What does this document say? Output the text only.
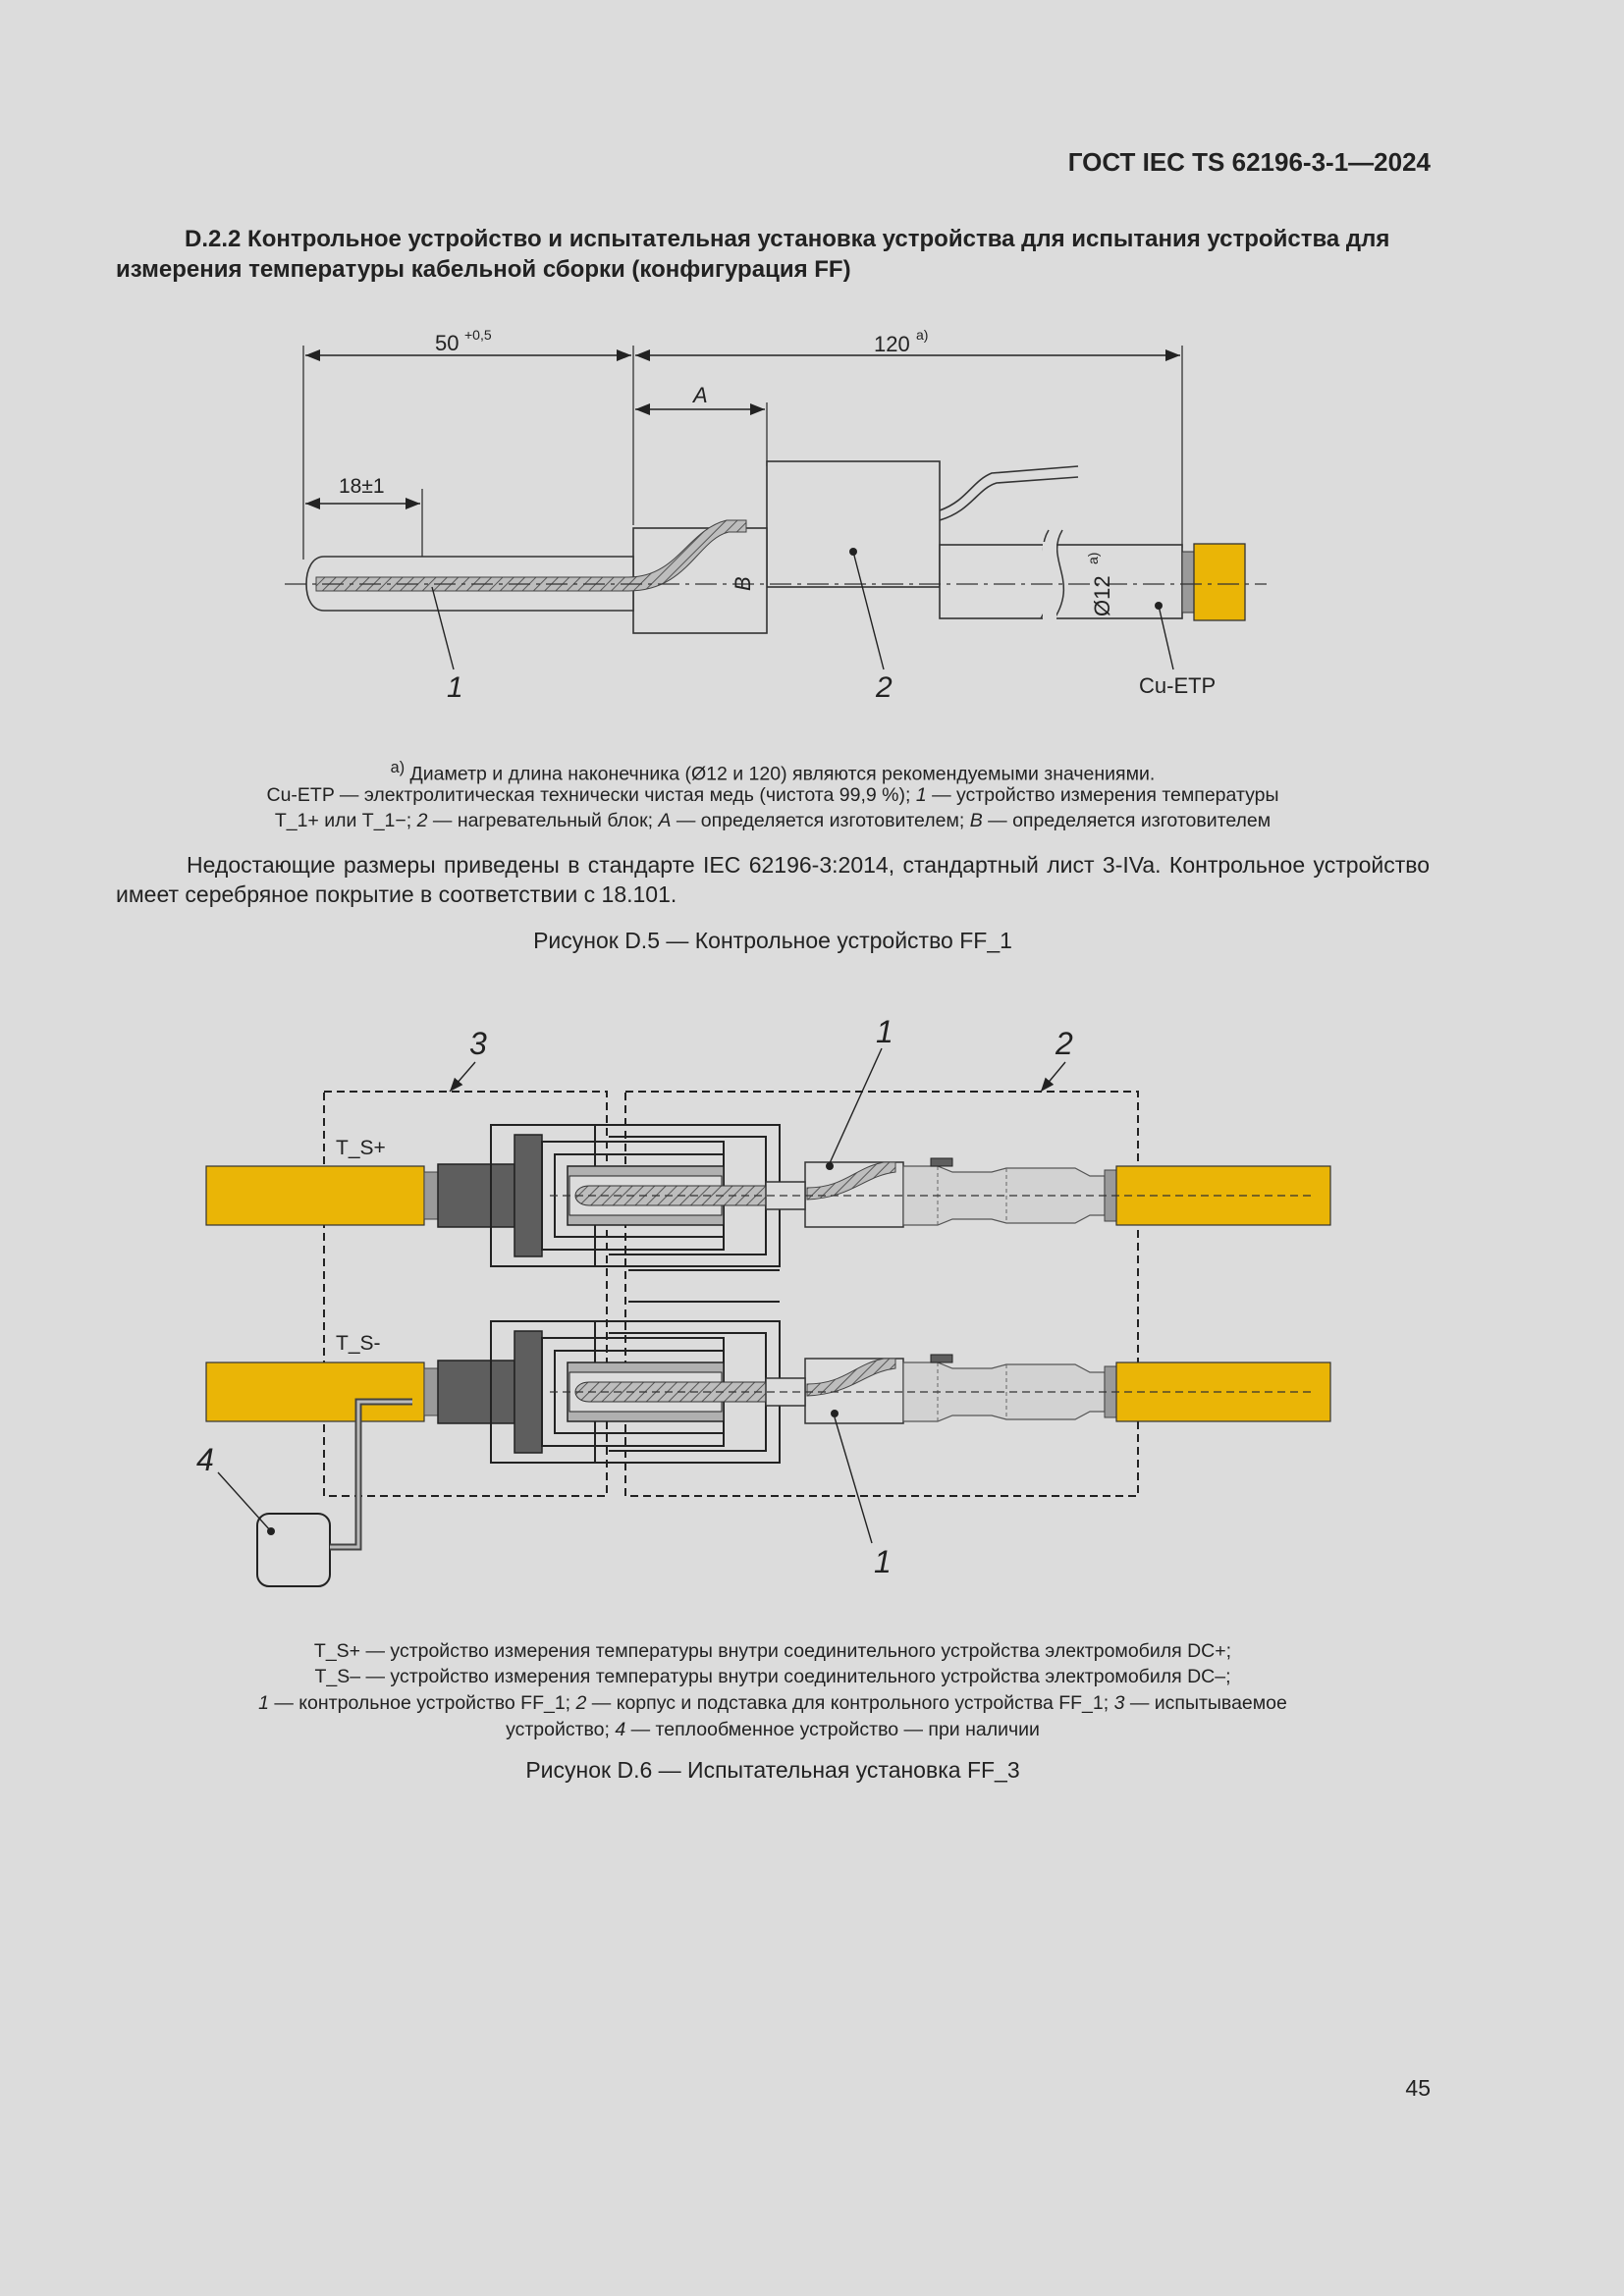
ГОСТ IEC TS 62196-3-1—2024
D.2.2 Контрольное устройство и испытательная установка устройства для испытания устройства для измерения температуры кабельной сборки (конфигурация FF)
50 +0,5	120 a)
A
18±1
B	Ø12
a)
1	2	Cu-ETP
$^{a)}$ Диаметр и длина наконечника (Ø12 и 120) являются рекомендуемыми значениями.
Cu-ETP — электролитическая технически чистая медь (чистота 99,9 %); 1 — устройство измерения температуры
T_1+ или T_1−; 2 — нагревательный блок; A — определяется изготовителем; B — определяется изготовителем
Недостающие размеры приведены в стандарте IEC 62196-3:2014, стандартный лист 3-IVa. Контрольное устройство имеет серебряное покрытие в соответствии с 18.101.
Рисунок D.5 — Контрольное устройство FF_1
3	1	2
T_S+
T_S-
4
1
T_S+ — устройство измерения температуры внутри соединительного устройства электромобиля DC+;
T_S– — устройство измерения температуры внутри соединительного устройства электромобиля DC–;
1 — контрольное устройство FF_1; 2 — корпус и подставка для контрольного устройства FF_1; 3 — испытываемое
устройство; 4 — теплообменное устройство — при наличии
Рисунок D.6 — Испытательная установка FF_3
45
